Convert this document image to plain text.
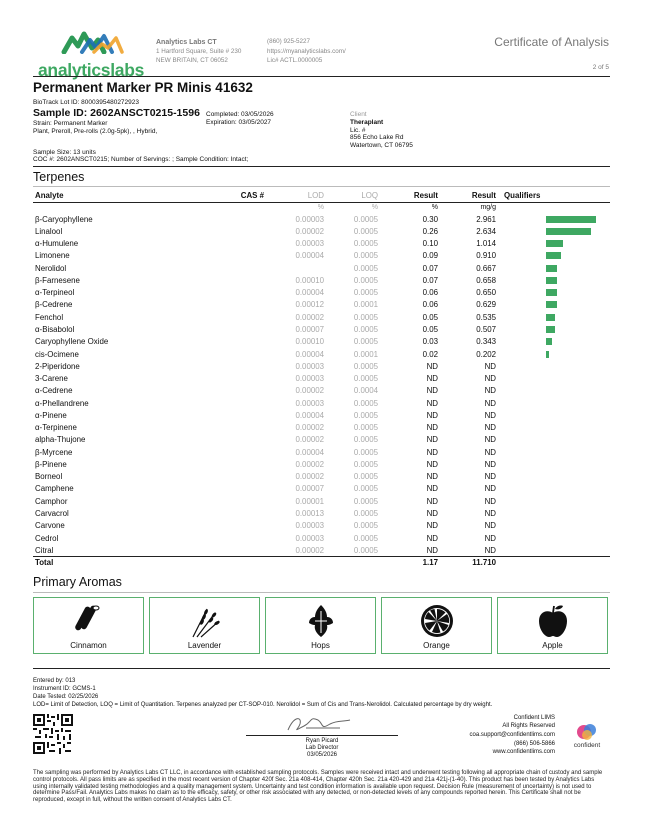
analyticslabs
Analytics Labs CT
1 Hartford Square, Suite # 230
NEW BRITAIN, CT 06052
(860) 925-5227
https://myanalyticslabs.com/
Lic# ACTL.0000005
Certificate of Analysis
2 of 5
Permanent Marker PR Minis 41632
BioTrack Lot ID: 8000395480272923
Sample ID: 2602ANSCT0215-1596
Strain: Permanent Marker
Plant, Preroll, Pre-rolls (2.0g-5pk), , Hybrid,
Completed: 03/05/2026
Expiration: 03/05/2027
Client
Theraplant
Lic. #
856 Echo Lake Rd
Watertown, CT 06795
Sample Size: 13 units
COC #: 2602ANSCT0215; Number of Servings: ; Sample Condition: Intact;
Terpenes
Analyte	CAS #	LOD	LOQ	Result	Result	Qualifiers
		%	%	%	mg/g	
β-Caryophyllene		0.00003	0.0005	0.30	2.961	

Linalool		0.00002	0.0005	0.26	2.634	

α-Humulene		0.00003	0.0005	0.10	1.014	

Limonene		0.00004	0.0005	0.09	0.910	

Nerolidol			0.0005	0.07	0.667	

β-Farnesene		0.00010	0.0005	0.07	0.658	

α-Terpineol		0.00004	0.0005	0.06	0.650	

β-Cedrene		0.00012	0.0001	0.06	0.629	

Fenchol		0.00002	0.0005	0.05	0.535	

α-Bisabolol		0.00007	0.0005	0.05	0.507	

Caryophyllene Oxide		0.00010	0.0005	0.03	0.343	

cis-Ocimene		0.00004	0.0001	0.02	0.202	

2-Piperidone		0.00003	0.0005	ND	ND	
3-Carene		0.00003	0.0005	ND	ND	
α-Cedrene		0.00002	0.0004	ND	ND	
α-Phellandrene		0.00003	0.0005	ND	ND	
α-Pinene		0.00004	0.0005	ND	ND	
α-Terpinene		0.00002	0.0005	ND	ND	
alpha-Thujone		0.00002	0.0005	ND	ND	
β-Myrcene		0.00004	0.0005	ND	ND	
β-Pinene		0.00002	0.0005	ND	ND	
Borneol		0.00002	0.0005	ND	ND	
Camphene		0.00007	0.0005	ND	ND	
Camphor		0.00001	0.0005	ND	ND	
Carvacrol		0.00013	0.0005	ND	ND	
Carvone		0.00003	0.0005	ND	ND	
Cedrol		0.00003	0.0005	ND	ND	
Citral		0.00002	0.0005	ND	ND	
Total				1.17	11.710	
Primary Aromas
Cinnamon	Lavender	Hops	Orange	Apple
Entered by: 013
Instrument ID: GCMS-1
Date Tested: 02/25/2026
LOD= Limit of Detection, LOQ = Limit of Quantitation. Terpenes analyzed per CT-SOP-010. Nerolidol = Sum of Cis and Trans-Nerolidol. Calculated percentage by dry weight.
Ryan Picard
Lab Director
03/05/2026
Confident LIMS
All Rights Reserved
coa.support@confidentlims.com
(866) 506-5866
www.confidentlims.com
confident
The sampling was performed by Analytics Labs CT LLC, in accordance with established sampling protocols. Samples were received intact and underwent testing following all appropriate chain of custody and sample control protocols. All pass limits are as specified in the most recent version of Chapter 420f Sec. 21a 408-414, Chapter 420h Sec. 21a 420-429 and 21a 421j-(1-40). This product has been tested by Analytics Labs using internally validated testing methodologies and a quality management system. Uncertainty and test condition information is available upon request. Decision Rule (measurement of uncertainty) is not used to determine Pass/Fail. Analytics Labs makes no claim as to the efficacy, safety, or other risk associated with any detected, or non-detected levels of any compounds reported herein. This Certificate shall not be reproduced, except in full, without the written consent of Analytics Labs CT.
